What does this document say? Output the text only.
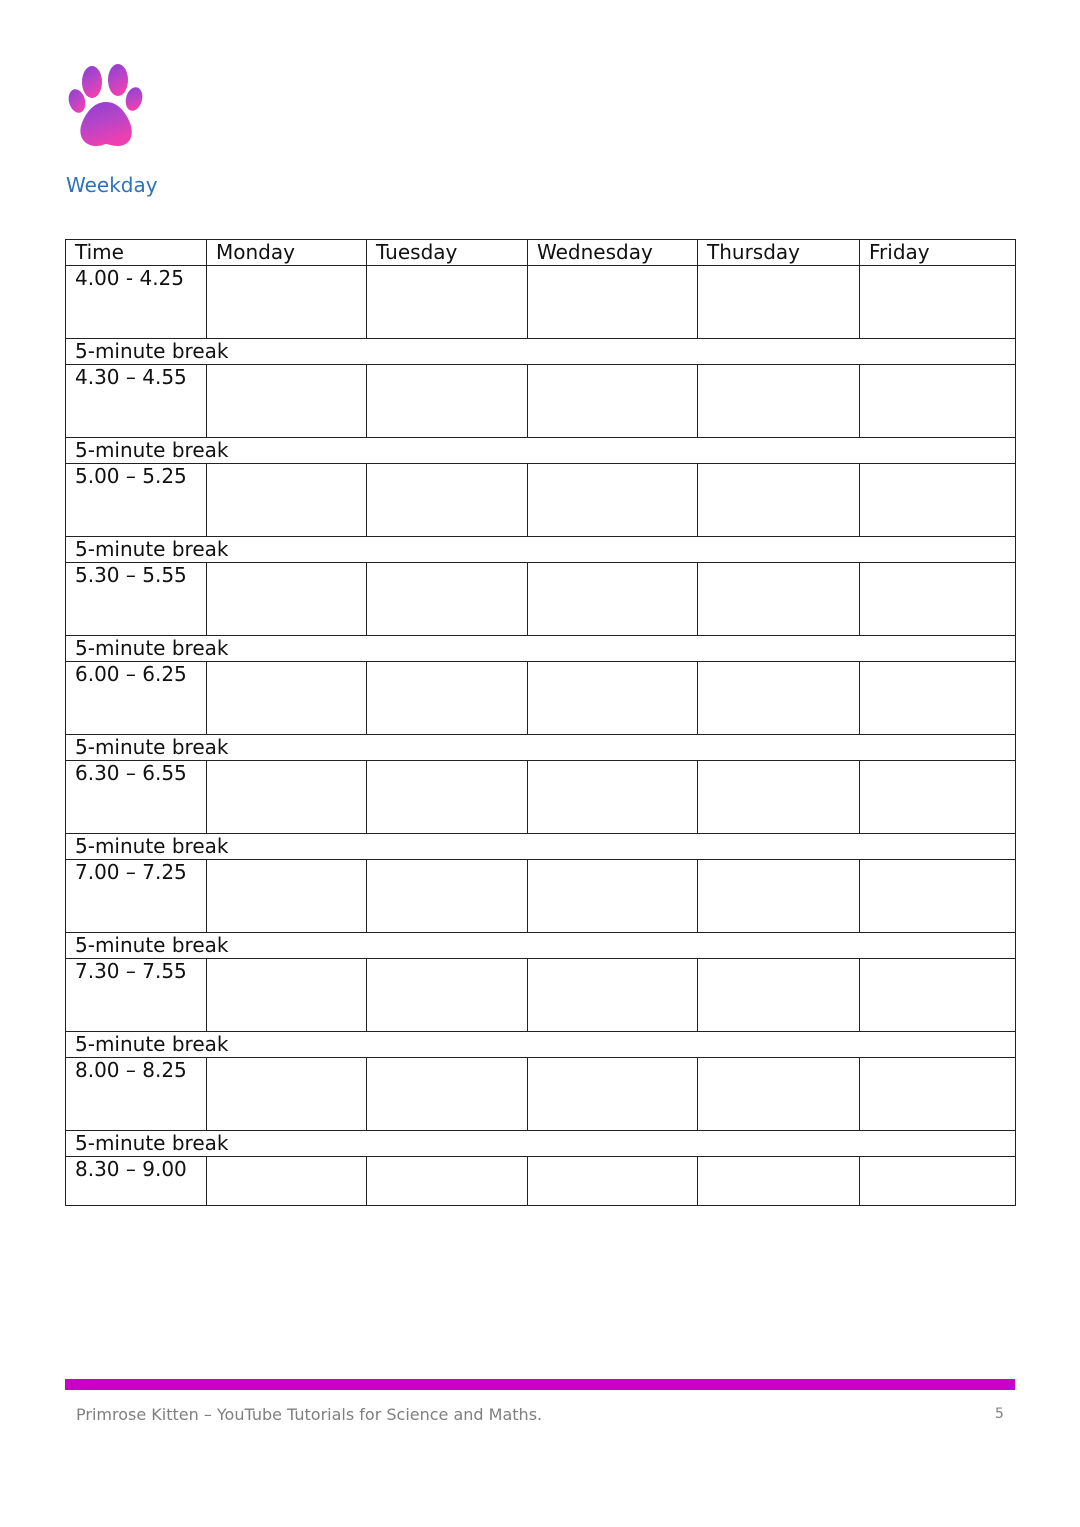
Weekday
Time	Monday	Tuesday	Wednesday	Thursday	Friday
4.00 - 4.25					
5-minute break					
4.30 – 4.55					
5-minute break					
5.00 – 5.25					
5-minute break					
5.30 – 5.55					
5-minute break					
6.00 – 6.25					
5-minute break					
6.30 – 6.55					
5-minute break					
7.00 – 7.25					
5-minute break					
7.30 – 7.55					
5-minute break					
8.00 – 8.25					
5-minute break					
8.30 – 9.00					
Primrose Kitten – YouTube Tutorials for Science and Maths.	5
